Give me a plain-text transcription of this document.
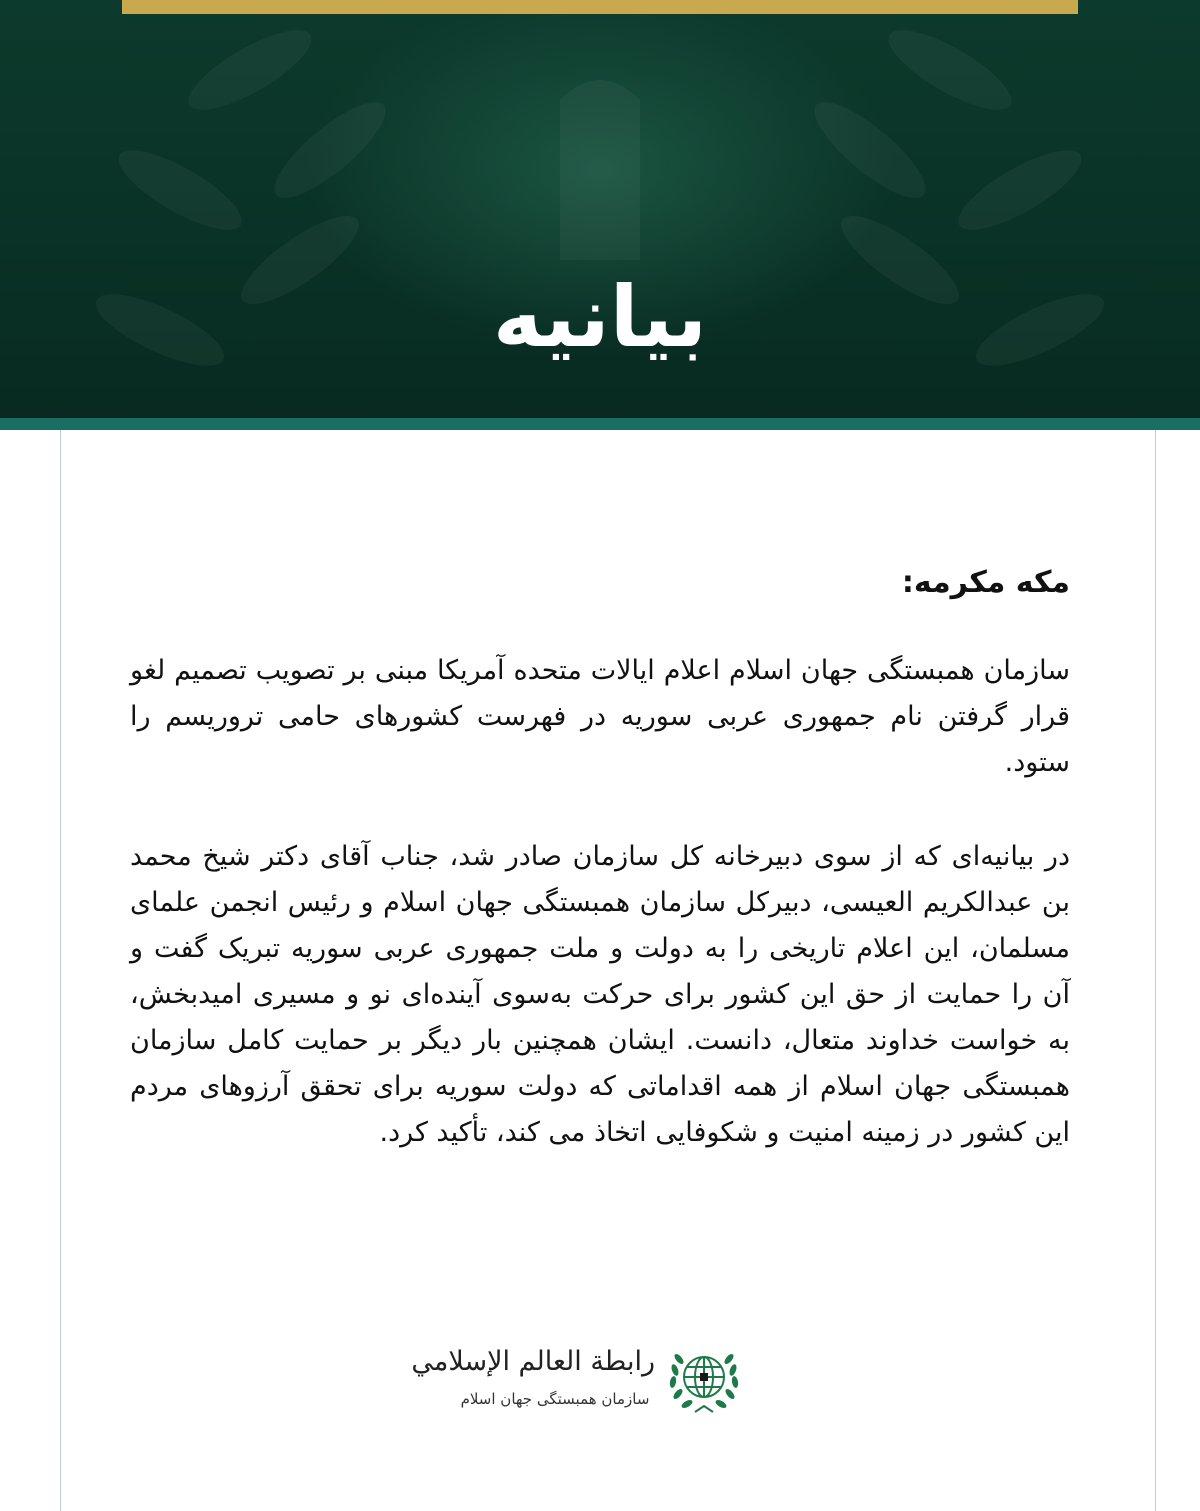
بیانیه

مکه مکرمه:

سازمان همبستگی جهان اسلام اعلام ایالات متحده آمریکا مبنی بر تصویب تصمیم لغو قرار گرفتن نام جمهوری عربی سوریه در فهرست کشورهای حامی تروریسم را ستود.

در بیانیه‌ای که از سوی دبیرخانه کل سازمان صادر شد، جناب آقای دکتر شیخ محمد بن عبدالکریم العیسی، دبیرکل سازمان همبستگی جهان اسلام و رئیس انجمن علمای مسلمان، این اعلام تاریخی را به دولت و ملت جمهوری عربی سوریه تبریک گفت و آن را حمایت از حق این کشور برای حرکت به‌سوی آینده‌ای نو و مسیری امیدبخش، به خواست خداوند متعال، دانست. ایشان همچنین بار دیگر بر حمایت کامل سازمان همبستگی جهان اسلام از همه اقداماتی که دولت سوریه برای تحقق آرزوهای مردم این کشور در زمینه امنیت و شکوفایی اتخاذ می کند، تأکید کرد.

رابطة العالم الإسلامي
سازمان همبستگی جهان اسلام
